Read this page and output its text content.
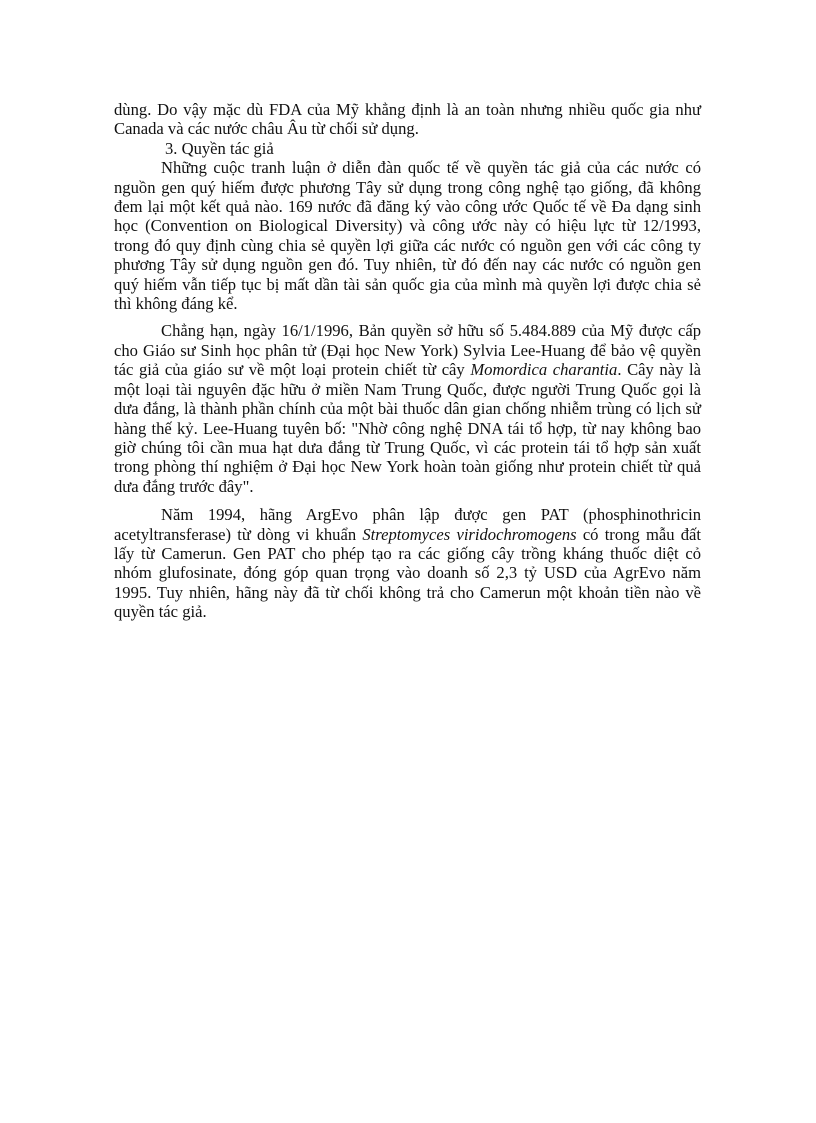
dùng. Do vậy mặc dù FDA của Mỹ khẳng định là an toàn nhưng nhiều quốc gia như Canada và các nước châu Âu từ chối sử dụng.

3. Quyền tác giả

Những cuộc tranh luận ở diễn đàn quốc tế về quyền tác giả của các nước có nguồn gen quý hiếm được phương Tây sử dụng trong công nghệ tạo giống, đã không đem lại một kết quả nào. 169 nước đã đăng ký vào công ước Quốc tế về Đa dạng sinh học (Convention on Biological Diversity) và công ước này có hiệu lực từ 12/1993, trong đó quy định cùng chia sẻ quyền lợi giữa các nước có nguồn gen với các công ty phương Tây sử dụng nguồn gen đó. Tuy nhiên, từ đó đến nay các nước có nguồn gen quý hiếm vẫn tiếp tục bị mất dần tài sản quốc gia của mình mà quyền lợi được chia sẻ thì không đáng kể.

Chẳng hạn, ngày 16/1/1996, Bản quyền sở hữu số 5.484.889 của Mỹ được cấp cho Giáo sư Sinh học phân tử (Đại học New York) Sylvia Lee-Huang để bảo vệ quyền tác giả của giáo sư về một loại protein chiết từ cây Momordica charantia. Cây này là một loại tài nguyên đặc hữu ở miền Nam Trung Quốc, được người Trung Quốc gọi là dưa đắng, là thành phần chính của một bài thuốc dân gian chống nhiễm trùng có lịch sử hàng thế kỷ. Lee-Huang tuyên bố: "Nhờ công nghệ DNA tái tổ hợp, từ nay không bao giờ chúng tôi cần mua hạt dưa đắng từ Trung Quốc, vì các protein tái tổ hợp sản xuất trong phòng thí nghiệm ở Đại học New York hoàn toàn giống như protein chiết từ quả dưa đắng trước đây".

Năm 1994, hãng ArgEvo phân lập được gen PAT (phosphinothricin acetyltransferase) từ dòng vi khuẩn Streptomyces viridochromogens có trong mẫu đất lấy từ Camerun. Gen PAT cho phép tạo ra các giống cây trồng kháng thuốc diệt cỏ nhóm glufosinate, đóng góp quan trọng vào doanh số 2,3 tỷ USD của AgrEvo năm 1995. Tuy nhiên, hãng này đã từ chối không trả cho Camerun một khoản tiền nào về quyền tác giả.
